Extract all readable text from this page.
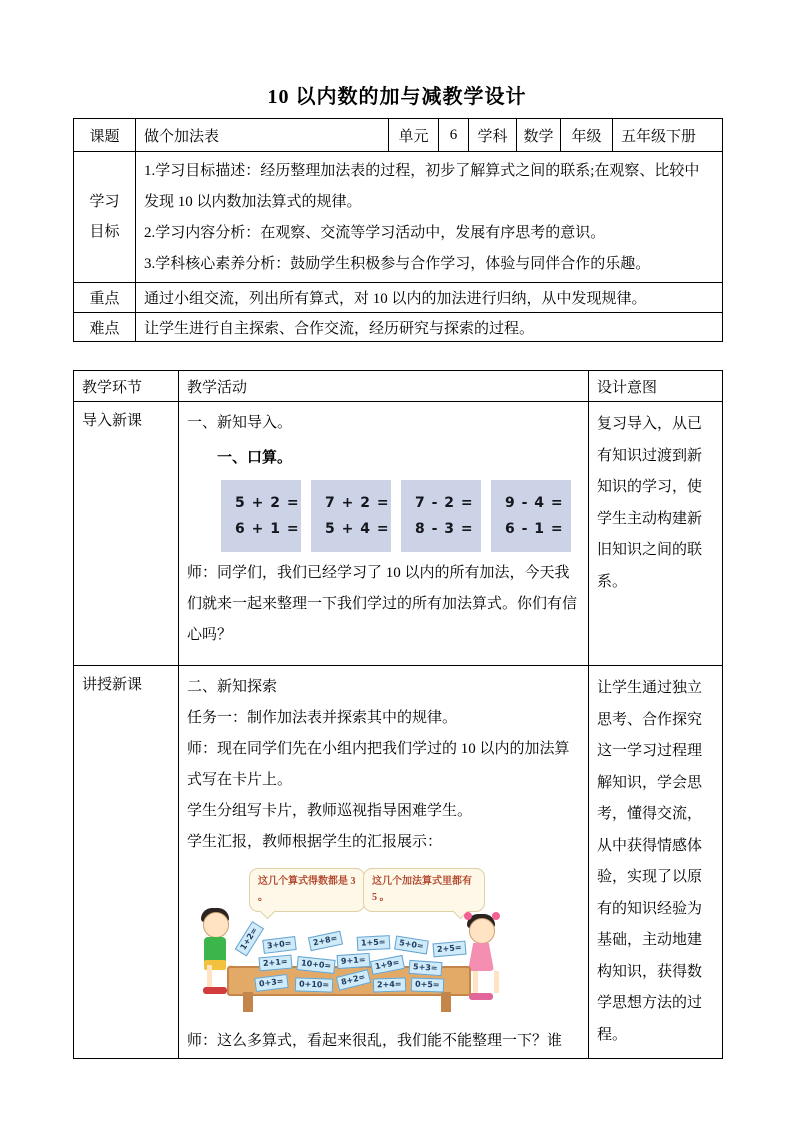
10 以内数的加与减教学设计
课题	做个加法表	单元	6	学科	数学	年级	五年级下册
学习目标	1.学习目标描述：经历整理加法表的过程，初步了解算式之间的联系;在观察、比较中发现 10 以内数加法算式的规律。

2.学习内容分析：在观察、交流等学习活动中，发展有序思考的意识。

3.学科核心素养分析：鼓励学生积极参与合作学习，体验与同伴合作的乐趣。						

重点	通过小组交流，列出所有算式，对 10 以内的加法进行归纳，从中发现规律。						
难点	让学生进行自主探索、合作交流，经历研究与探索的过程。						
教学环节	教学活动	设计意图
导入新课	一、新知导入。

一、口算。

5 + 2 =
6 + 1 =
7 + 2 =
5 + 4 =
7 - 2 =
8 - 3 =
9 - 4 =
6 - 1 =

师：同学们，我们已经学习了 10 以内的所有加法，今天我们就来一起来整理一下我们学过的所有加法算式。你们有信心吗？

	复习导入，从已有知识过渡到新知识的学习，使学生主动构建新旧知识之间的联系。
讲授新课	二、新知探索

任务一：制作加法表并探索其中的规律。

师：现在同学们先在小组内把我们学过的 10 以内的加法算式写在卡片上。

学生分组写卡片，教师巡视指导困难学生。

学生汇报，教师根据学生的汇报展示：

这几个算式得数都是 3 。
这几个加法算式里都有 5 。
1+2= 3+0=	2+8=	1+5=	5+0=	2+5=
2+1=	10+0=	9+1=	1+9=	5+3=
0+3=	0+10=	8+2=	2+4=	0+5=

师：这么多算式，看起来很乱，我们能不能整理一下？谁

	让学生通过独立思考、合作探究这一学习过程理解知识，学会思考，懂得交流，从中获得情感体验，实现了以原有的知识经验为基础，主动地建构知识，获得数学思想方法的过程。
